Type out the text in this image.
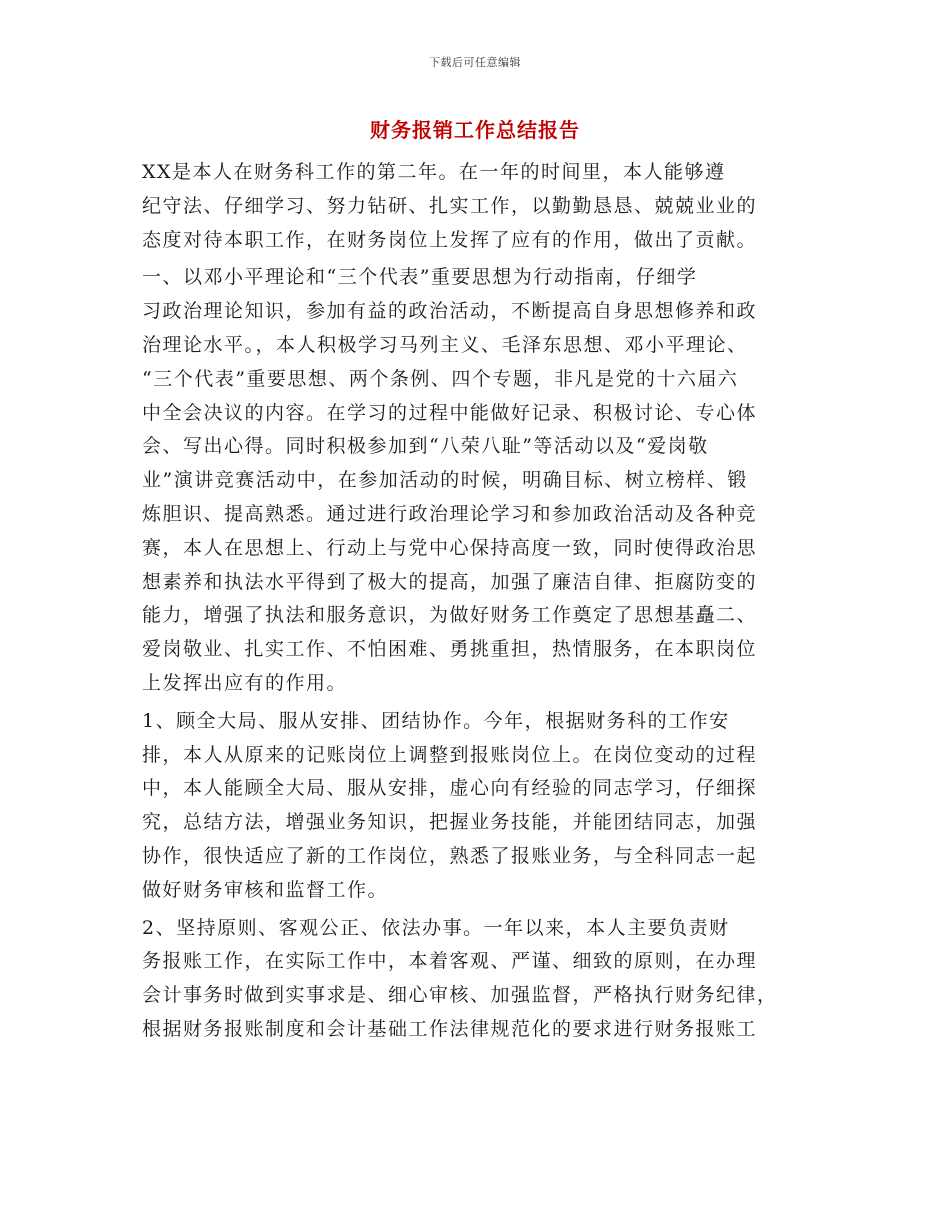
下载后可任意编辑
财务报销工作总结报告

XX是本人在财务科工作的第二年。在一年的时间里，本人能够遵
纪守法、仔细学习、努力钻研、扎实工作，以勤勤恳恳、兢兢业业的
态度对待本职工作，在财务岗位上发挥了应有的作用，做出了贡献。

一、以邓小平理论和“三个代表”重要思想为行动指南，仔细学
习政治理论知识，参加有益的政治活动，不断提高自身思想修养和政
治理论水平。，本人积极学习马列主义、毛泽东思想、邓小平理论、
“三个代表”重要思想、两个条例、四个专题，非凡是党的十六届六
中全会决议的内容。在学习的过程中能做好记录、积极讨论、专心体
会、写出心得。同时积极参加到“八荣八耻”等活动以及“爱岗敬
业”演讲竞赛活动中，在参加活动的时候，明确目标、树立榜样、锻
炼胆识、提高熟悉。通过进行政治理论学习和参加政治活动及各种竞
赛，本人在思想上、行动上与党中心保持高度一致，同时使得政治思
想素养和执法水平得到了极大的提高，加强了廉洁自律、拒腐防变的
能力，增强了执法和服务意识，为做好财务工作奠定了思想基矗二、
爱岗敬业、扎实工作、不怕困难、勇挑重担，热情服务，在本职岗位
上发挥出应有的作用。

1、顾全大局、服从安排、团结协作。今年，根据财务科的工作安
排，本人从原来的记账岗位上调整到报账岗位上。在岗位变动的过程
中，本人能顾全大局、服从安排，虚心向有经验的同志学习，仔细探
究，总结方法，增强业务知识，把握业务技能，并能团结同志，加强
协作，很快适应了新的工作岗位，熟悉了报账业务，与全科同志一起
做好财务审核和监督工作。

2、坚持原则、客观公正、依法办事。一年以来，本人主要负责财
务报账工作，在实际工作中，本着客观、严谨、细致的原则，在办理
会计事务时做到实事求是、细心审核、加强监督，严格执行财务纪律，
根据财务报账制度和会计基础工作法律规范化的要求进行财务报账工
